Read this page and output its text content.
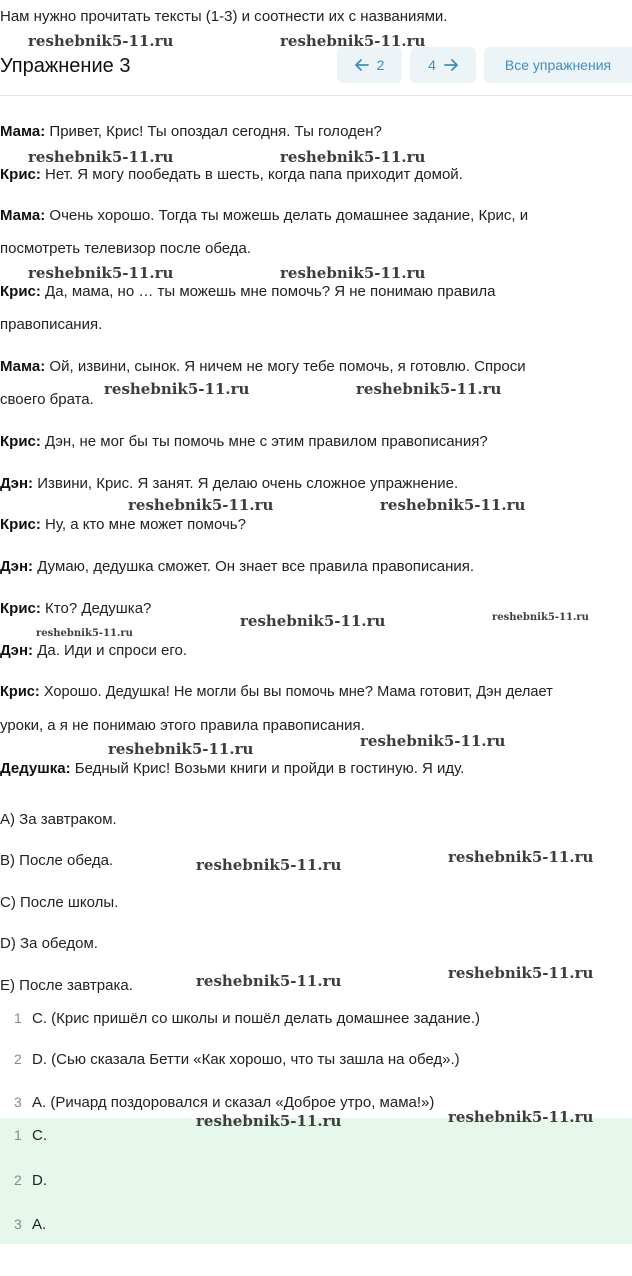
Нам нужно прочитать тексты (1-3) и соотнести их с названиями.
Упражнение 3	2	4	Все упражнения
Мама: Привет, Крис! Ты опоздал сегодня. Ты голоден?
Крис: Нет. Я могу пообедать в шесть, когда папа приходит домой.
Мама: Очень хорошо. Тогда ты можешь делать домашнее задание, Крис, и
посмотреть телевизор после обеда.
Крис: Да, мама, но … ты можешь мне помочь? Я не понимаю правила
правописания.
Мама: Ой, извини, сынок. Я ничем не могу тебе помочь, я готовлю. Спроси
своего брата.
Крис: Дэн, не мог бы ты помочь мне с этим правилом правописания?
Дэн: Извини, Крис. Я занят. Я делаю очень сложное упражнение.
Крис: Ну, а кто мне может помочь?
Дэн: Думаю, дедушка сможет. Он знает все правила правописания.
Крис: Кто? Дедушка?
Дэн: Да. Иди и спроси его.
Крис: Хорошо. Дедушка! Не могли бы вы помочь мне? Мама готовит, Дэн делает
уроки, а я не понимаю этого правила правописания.
Дедушка: Бедный Крис! Возьми книги и пройди в гостиную. Я иду.
A) За завтраком.
B) После обеда.
C) После школы.
D) За обедом.
E) После завтрака.
1 C. (Крис пришёл со школы и пошёл делать домашнее задание.)
2 D. (Сью сказала Бетти «Как хорошо, что ты зашла на обед».)
3 A. (Ричард поздоровался и сказал «Доброе утро, мама!»)
1 C.
2 D.
3 A.
reshebnik5-11.ru	reshebnik5-11.ru
reshebnik5-11.ru	reshebnik5-11.ru
reshebnik5-11.ru	reshebnik5-11.ru
reshebnik5-11.ru	reshebnik5-11.ru
reshebnik5-11.ru	reshebnik5-11.ru
reshebnik5-11.ru	reshebnik5-11.ru
reshebnik5-11.ru
reshebnik5-11.ru	reshebnik5-11.ru
reshebnik5-11.ru	reshebnik5-11.ru
reshebnik5-11.ru	reshebnik5-11.ru
reshebnik5-11.ru	reshebnik5-11.ru
